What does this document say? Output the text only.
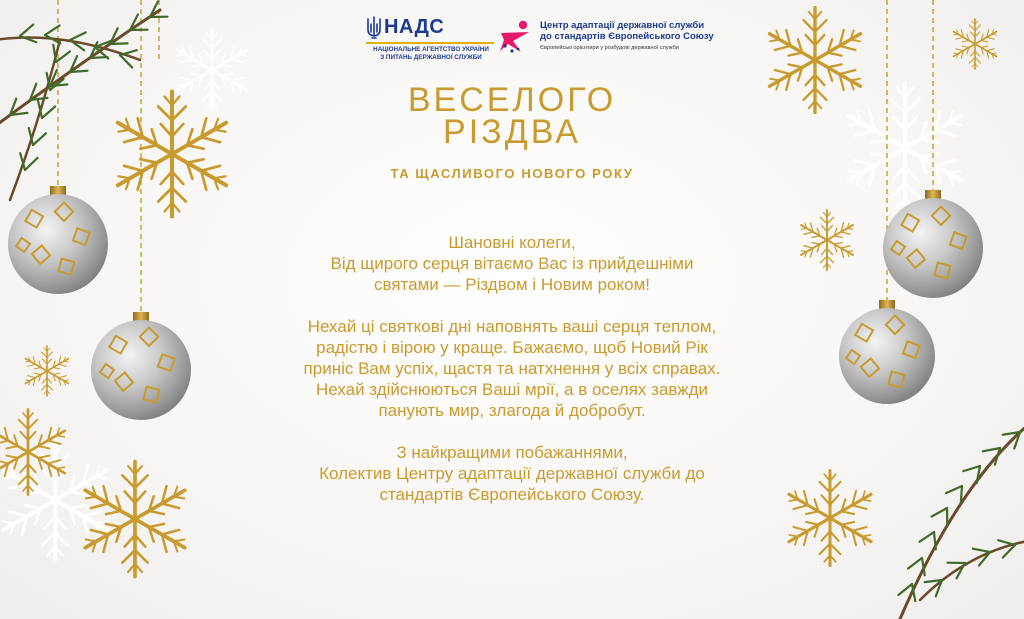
НАДС
НАЦІОНАЛЬНЕ АГЕНТСТВО УКРАЇНИ
З ПИТАНЬ ДЕРЖАВНОЇ СЛУЖБИ
Центр адаптації державної служби
до стандартів Європейського Союзу
Європейські орієнтири у розбудові державної служби
ВЕСЕЛОГО
РІЗДВА
ТА ЩАСЛИВОГО НОВОГО РОКУ
Шановні колеги,
Від щирого серця вітаємо Вас із прийдешніми
святами — Різдвом і Новим роком!
Нехай ці святкові дні наповнять ваші серця теплом,
радістю і вірою у краще. Бажаємо, щоб Новий Рік
приніс Вам успіх, щастя та натхнення у всіх справах.
Нехай здійснюються Ваші мрії, а в оселях завжди
панують мир, злагода й добробут.
З найкращими побажаннями,
Колектив Центру адаптації державної служби до
стандартів Європейського Союзу.
